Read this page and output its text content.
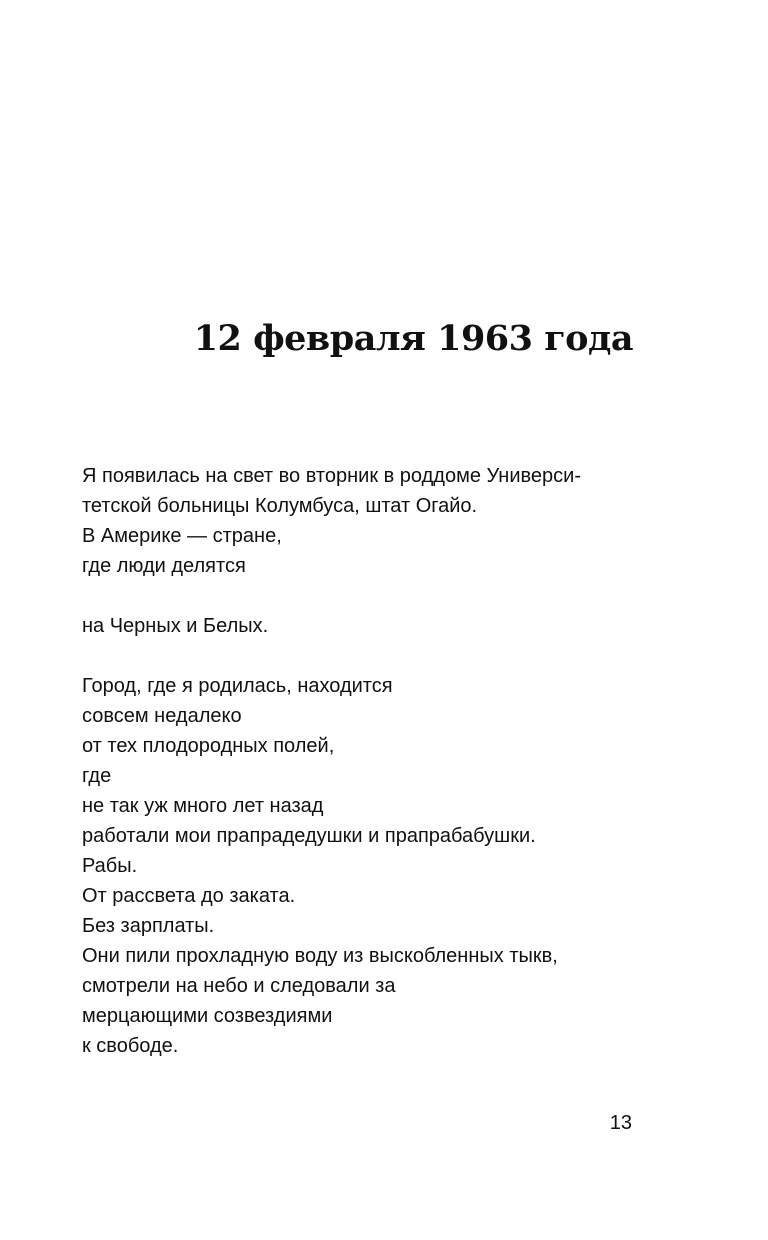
12 февраля 1963 года
Я появилась на свет во вторник в роддоме Универси-
тетской больницы Колумбуса, штат Огайо.
В Америке — стране,
где люди делятся
на Черных и Белых.
Город, где я родилась, находится
совсем недалеко
от тех плодородных полей,
где
не так уж много лет назад
работали мои прапрадедушки и прапрабабушки.
Рабы.
От рассвета до заката.
Без зарплаты.
Они пили прохладную воду из выскобленных тыкв,
смотрели на небо и следовали за
мерцающими созвездиями
к свободе.
13
